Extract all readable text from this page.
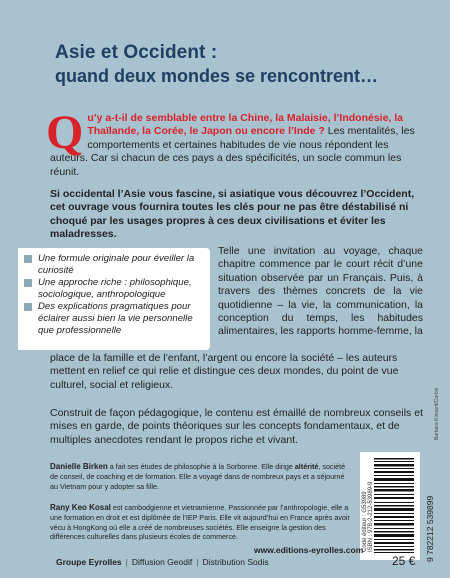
Asie et Occident :
quand deux mondes se rencontrent…

Qu’y a-t-il de semblable entre la Chine, la Malaisie, l’Indonésie, la Thaïlande, la Corée, le Japon ou encore l’Inde ? Les mentalités, les comportements et certaines habitudes de vie nous répondent les auteurs. Car si chacun de ces pays a des spécificités, un socle commun les réunit.

Si occidental l’Asie vous fascine, si asiatique vous découvrez l’Occident, cet ouvrage vous fournira toutes les clés pour ne pas être déstabilisé ni choqué par les usages propres à ces deux civilisations et éviter les maladresses.

Une formule originale pour éveiller la curiosité
Une approche riche : philosophique, sociologique, anthropologique
Des explications pragmatiques pour éclairer aussi bien la vie personnelle que professionnelle

Telle une invitation au voyage, chaque chapitre commence par le court récit d’une situation observée par un Français. Puis, à travers des thèmes concrets de la vie quotidienne – la vie, la communication, la conception du temps, les habitudes alimentaires, les rapports homme-femme, la

place de la famille et de l’enfant, l’argent ou encore la société – les auteurs mettent en relief ce qui relie et distingue ces deux mondes, du point de vue culturel, social et religieux.

Construit de façon pédagogique, le contenu est émaillé de nombreux conseils et mises en garde, de points théoriques sur les concepts fondamentaux, et de multiples anecdotes rendant le propos riche et vivant.

Danielle Birken a fait ses études de philosophie à la Sorbonne. Elle dirige altérité, société de conseil, de coaching et de formation. Elle a voyagé dans de nombreux pays et a séjourné au Vietnam pour y adopter sa fille.

Rany Keo Kosal est cambodgienne et vietnamienne. Passionnée par l’anthropologie, elle a une formation en droit et est diplômée de l’IEP Paris. Elle vit aujourd’hui en France après avoir vécu à HongKong où elle a créé de nombreuses sociétés. Elle enseigne la gestion des différences culturelles dans plusieurs écoles de commerce.	Code éditeur : G53989 ISBN : 978-2-212-53989-9	9 782212 539899
Barbara Kinnard/Corbis
www.editions-eyrolles.com
Groupe Eyrolles | Diffusion Geodif | Distribution Sodis	25 €
